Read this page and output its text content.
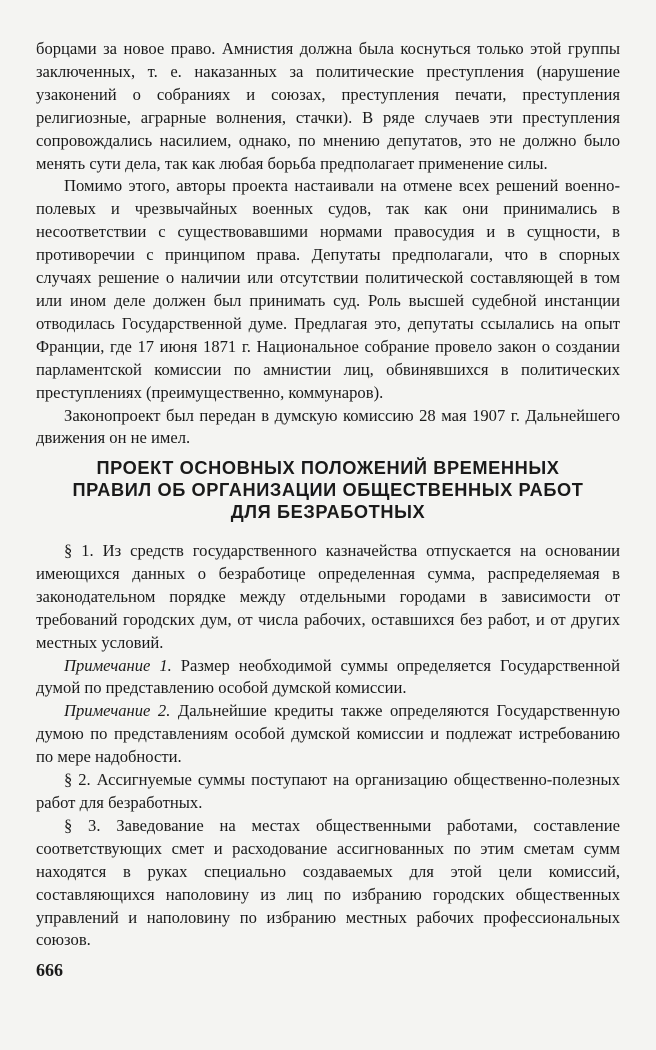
борцами за новое право. Амнистия должна была коснуться только этой группы заключенных, т. е. наказанных за политические преступления (нарушение узаконений о собраниях и союзах, преступления печати, преступления религиозные, аграрные волнения, стачки). В ряде случаев эти преступления сопровождались насилием, однако, по мнению депутатов, это не должно было менять сути дела, так как любая борьба предполагает применение силы.

Помимо этого, авторы проекта настаивали на отмене всех решений военно-полевых и чрезвычайных военных судов, так как они принимались в несоответствии с существовавшими нормами правосудия и в сущности, в противоречии с принципом права. Депутаты предполагали, что в спорных случаях решение о наличии или отсутствии политической составляющей в том или ином деле должен был принимать суд. Роль высшей судебной инстанции отводилась Государственной думе. Предлагая это, депутаты ссылались на опыт Франции, где 17 июня 1871 г. Национальное собрание провело закон о создании парламентской комиссии по амнистии лиц, обвинявшихся в политических преступлениях (преимущественно, коммунаров).

Законопроект был передан в думскую комиссию 28 мая 1907 г. Дальнейшего движения он не имел.

ПРОЕКТ ОСНОВНЫХ ПОЛОЖЕНИЙ ВРЕМЕННЫХ
ПРАВИЛ ОБ ОРГАНИЗАЦИИ ОБЩЕСТВЕННЫХ РАБОТ
ДЛЯ БЕЗРАБОТНЫХ

§ 1. Из средств государственного казначейства отпускается на основании имеющихся данных о безработице определенная сумма, распределяемая в законодательном порядке между отдельными городами в зависимости от требований городских дум, от числа рабочих, оставшихся без работ, и от других местных условий.

Примечание 1. Размер необходимой суммы определяется Государственной думой по представлению особой думской комиссии.

Примечание 2. Дальнейшие кредиты также определяются Государственную думою по представлениям особой думской комиссии и подлежат истребованию по мере надобности.

§ 2. Ассигнуемые суммы поступают на организацию общественно-полезных работ для безработных.

§ 3. Заведование на местах общественными работами, составление соответствующих смет и расходование ассигнованных по этим сметам сумм находятся в руках специально создаваемых для этой цели комиссий, составляющихся наполовину из лиц по избранию городских общественных управлений и наполовину по избранию местных рабочих профессиональных союзов.

666
